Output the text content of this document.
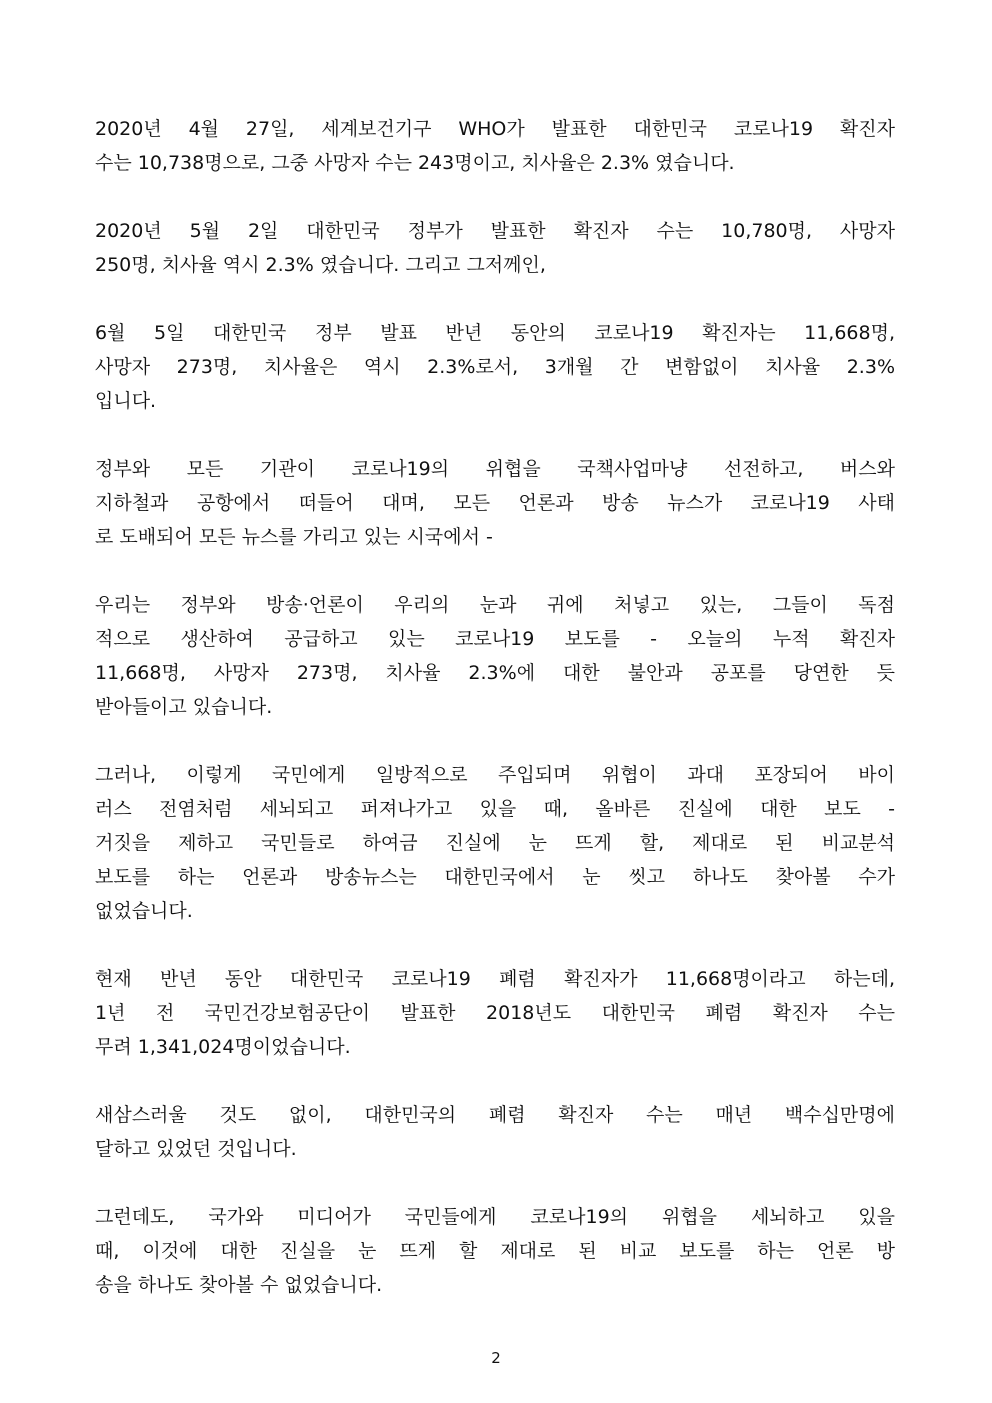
2020년 4월 27일, 세계보건기구 WHO가 발표한 대한민국 코로나19 확진자
수는 10,738명으로, 그중 사망자 수는 243명이고, 치사율은 2.3% 였습니다.
2020년 5월 2일 대한민국 정부가 발표한 확진자 수는 10,780명, 사망자
250명, 치사율 역시 2.3% 였습니다. 그리고 그저께인,
6월 5일 대한민국 정부 발표 반년 동안의 코로나19 확진자는 11,668명,
사망자 273명, 치사율은 역시 2.3%로서, 3개월 간 변함없이 치사율 2.3%
입니다.
정부와 모든 기관이 코로나19의 위협을 국책사업마냥 선전하고, 버스와
지하철과 공항에서 떠들어 대며, 모든 언론과 방송 뉴스가 코로나19 사태
로 도배되어 모든 뉴스를 가리고 있는 시국에서 -
우리는 정부와 방송·언론이 우리의 눈과 귀에 처넣고 있는, 그들이 독점
적으로 생산하여 공급하고 있는 코로나19 보도를 - 오늘의 누적 확진자
11,668명, 사망자 273명, 치사율 2.3%에 대한 불안과 공포를 당연한 듯
받아들이고 있습니다.
그러나, 이렇게 국민에게 일방적으로 주입되며 위협이 과대 포장되어 바이
러스 전염처럼 세뇌되고 퍼져나가고 있을 때, 올바른 진실에 대한 보도 -
거짓을 제하고 국민들로 하여금 진실에 눈 뜨게 할, 제대로 된 비교분석
보도를 하는 언론과 방송뉴스는 대한민국에서 눈 씻고 하나도 찾아볼 수가
없었습니다.
현재 반년 동안 대한민국 코로나19 폐렴 확진자가 11,668명이라고 하는데,
1년 전 국민건강보험공단이 발표한 2018년도 대한민국 폐렴 확진자 수는
무려 1,341,024명이었습니다.
새삼스러울 것도 없이, 대한민국의 폐렴 확진자 수는 매년 백수십만명에
달하고 있었던 것입니다.
그런데도, 국가와 미디어가 국민들에게 코로나19의 위협을 세뇌하고 있을
때, 이것에 대한 진실을 눈 뜨게 할 제대로 된 비교 보도를 하는 언론 방
송을 하나도 찾아볼 수 없었습니다.
2
